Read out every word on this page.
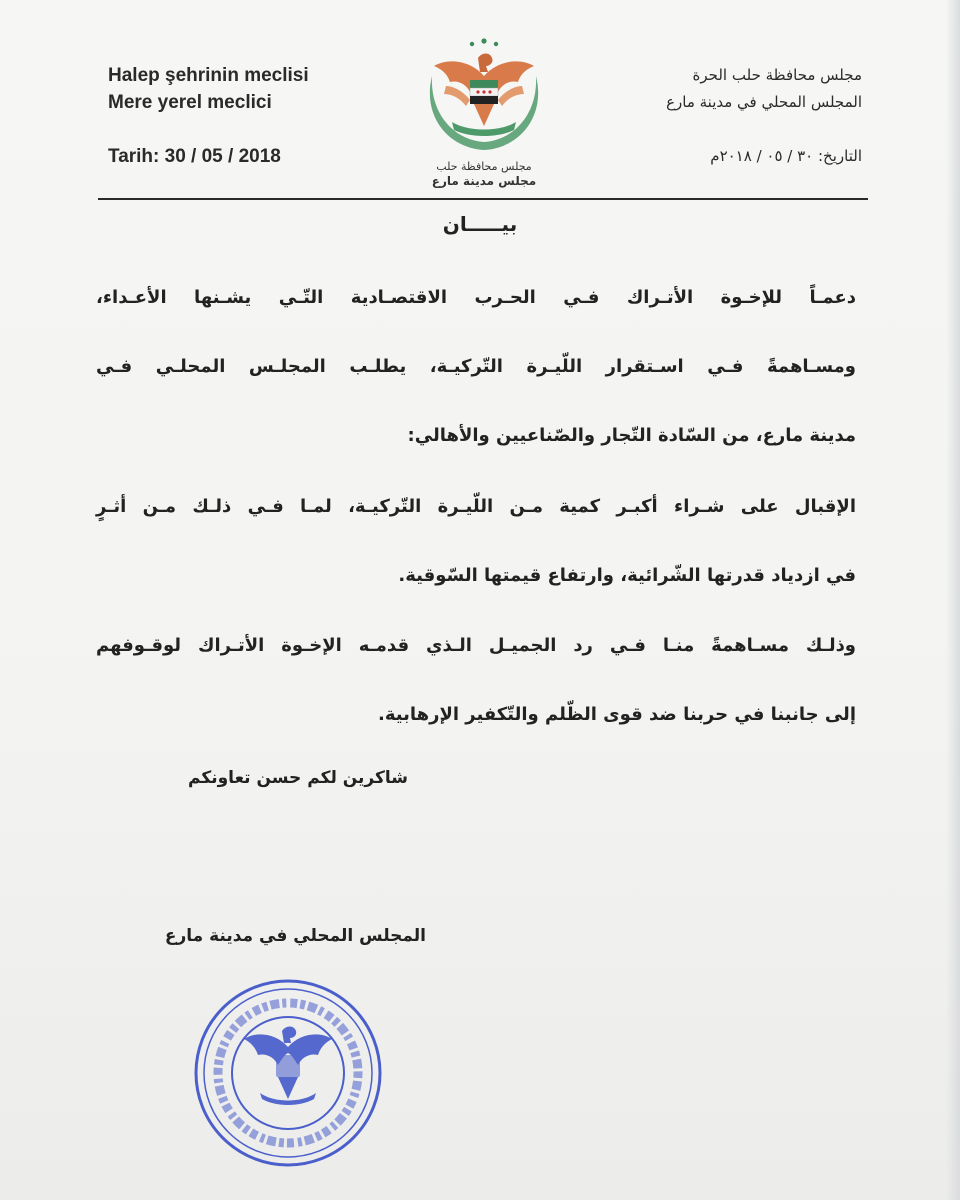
Halep şehrinin meclisi
Mere yerel meclici
Tarih: 30 / 05 / 2018
مجلس محافظة حلب الحرة
المجلس المحلي في مدينة مارع
التاريخ: ٣٠ / ٠٥ / ٢٠١٨م
مجلس محافظة حلب
مجلس مدينة مارع
بيـــــان
دعمـاً للإخـوة الأتـراك فـي الحـرب الاقتصـادية التّـي يشـنها الأعـداء،
ومسـاهمةً فـي اسـتقرار اللّيـرة التّركيـة، يطلـب المجلـس المحلـي فـي
مدينة مارع، من السّادة التّجار والصّناعيين والأهالي:
الإقبال على شـراء أكبـر كمية مـن اللّيـرة التّركيـة، لمـا فـي ذلـك مـن أثـرٍ
في ازدياد قدرتها الشّرائية، وارتفاع قيمتها السّوقية.
وذلـك مسـاهمةً منـا فـي رد الجميـل الـذي قدمـه الإخـوة الأتـراك لوقـوفهم
إلى جانبنا في حربنا ضد قوى الظّلم والتّكفير الإرهابية.
شاكرين لكم حسن تعاونكم
المجلس المحلي في مدينة مارع
